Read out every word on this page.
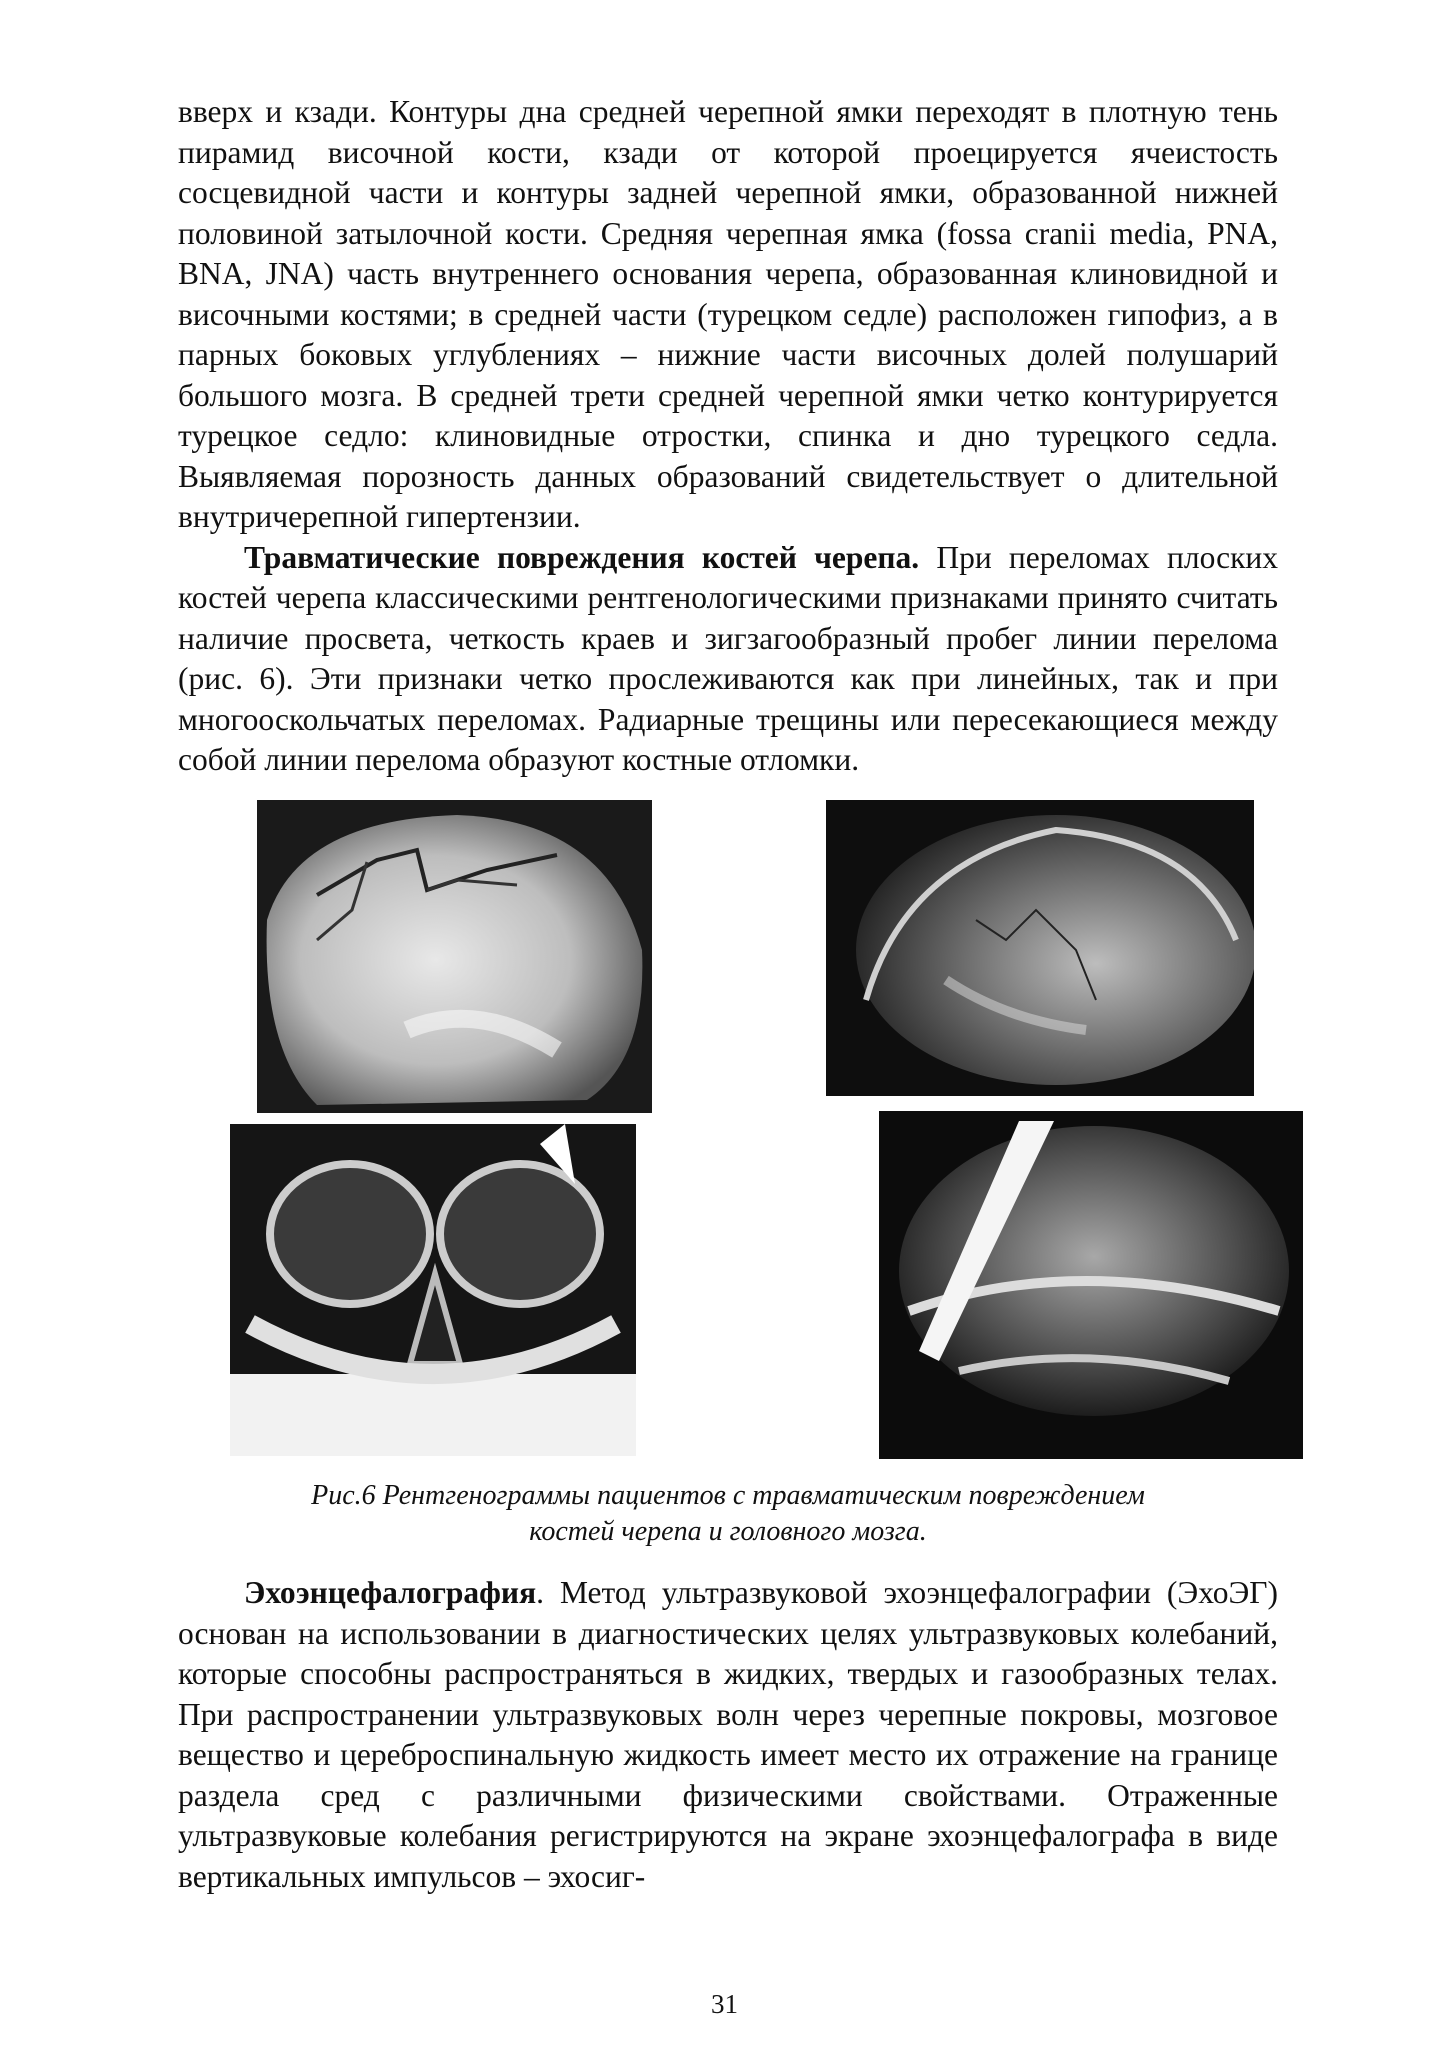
вверх и кзади. Контуры дна средней черепной ямки переходят в плотную тень пирамид височной кости, кзади от которой проецируется ячеистость сосцевидной части и контуры задней черепной ямки, образованной нижней половиной затылочной кости. Средняя черепная ямка (fossa cranii media, PNA, BNA, JNA) часть внутреннего основания черепа, образованная клиновидной и височными костями; в средней части (турецком седле) расположен гипофиз, а в парных боковых углублениях – нижние части височных долей полушарий большого мозга. В средней трети средней черепной ямки четко контурируется турецкое седло: клиновидные отростки, спинка и дно турецкого седла. Выявляемая порозность данных образований свидетельствует о длительной внутричерепной гипертензии.

Травматические повреждения костей черепа. При переломах плоских костей черепа классическими рентгенологическими признаками принято считать наличие просвета, четкость краев и зигзагообразный пробег линии перелома (рис. 6). Эти признаки четко прослеживаются как при линейных, так и при многооскольчатых переломах. Радиарные трещины или пересекающиеся между собой линии перелома образуют костные отломки.

Рис.6 Рентгенограммы пациентов с травматическим повреждением
костей черепа и головного мозга.

Эхоэнцефалография. Метод ультразвуковой эхоэнцефалографии (ЭхоЭГ) основан на использовании в диагностических целях ультразвуковых колебаний, которые способны распространяться в жидких, твердых и газообразных телах. При распространении ультразвуковых волн через черепные покровы, мозговое вещество и цереброспинальную жидкость имеет место их отражение на границе раздела сред с различными физическими свойствами. Отраженные ультразвуковые колебания регистрируются на экране эхоэнцефалографа в виде вертикальных импульсов – эхосиг-

31
